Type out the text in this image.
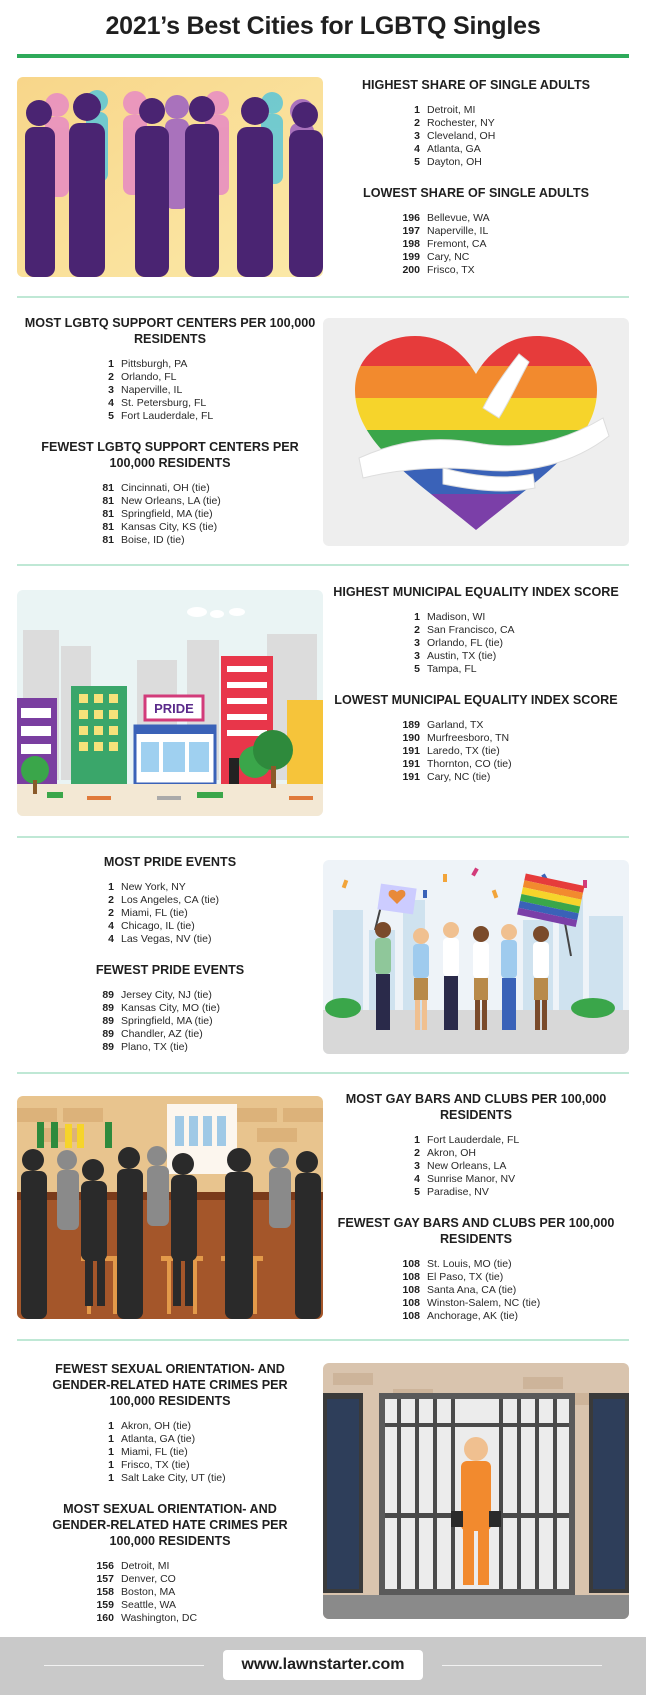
2021’s Best Cities for LGBTQ Singles
HIGHEST SHARE OF SINGLE ADULTS
1 Detroit, MI
2 Rochester, NY
3 Cleveland, OH
4 Atlanta, GA
5 Dayton, OH
LOWEST SHARE OF SINGLE ADULTS
196 Bellevue, WA
197 Naperville, IL
198 Fremont, CA
199 Cary, NC
200 Frisco, TX
MOST LGBTQ SUPPORT CENTERS PER 100,000 RESIDENTS
1 Pittsburgh, PA
2 Orlando, FL
3 Naperville, IL
4 St. Petersburg, FL
5 Fort Lauderdale, FL
FEWEST LGBTQ SUPPORT CENTERS PER 100,000 RESIDENTS
81 Cincinnati, OH (tie)
81 New Orleans, LA (tie)
81 Springfield, MA (tie)
81 Kansas City, KS (tie)
81 Boise, ID (tie)
PRIDE
HIGHEST MUNICIPAL EQUALITY INDEX SCORE
1 Madison, WI
2 San Francisco, CA
3 Orlando, FL (tie)
3 Austin, TX (tie)
5 Tampa, FL
LOWEST MUNICIPAL EQUALITY INDEX SCORE
189 Garland, TX
190 Murfreesboro, TN
191 Laredo, TX (tie)
191 Thornton, CO (tie)
191 Cary, NC (tie)
MOST PRIDE EVENTS
1 New York, NY
2 Los Angeles, CA (tie)
2 Miami, FL (tie)
4 Chicago, IL (tie)
4 Las Vegas, NV (tie)
FEWEST PRIDE EVENTS
89 Jersey City, NJ (tie)
89 Kansas City, MO (tie)
89 Springfield, MA (tie)
89 Chandler, AZ (tie)
89 Plano, TX (tie)
MOST GAY BARS AND CLUBS PER 100,000 RESIDENTS
1 Fort Lauderdale, FL
2 Akron, OH
3 New Orleans, LA
4 Sunrise Manor, NV
5 Paradise, NV
FEWEST GAY BARS AND CLUBS PER 100,000 RESIDENTS
108 St. Louis, MO (tie)
108 El Paso, TX (tie)
108 Santa Ana, CA (tie)
108 Winston-Salem, NC (tie)
108 Anchorage, AK (tie)
FEWEST SEXUAL ORIENTATION- AND GENDER-RELATED HATE CRIMES PER 100,000 RESIDENTS
1 Akron, OH (tie)
1 Atlanta, GA (tie)
1 Miami, FL (tie)
1 Frisco, TX (tie)
1 Salt Lake City, UT (tie)
MOST SEXUAL ORIENTATION- AND GENDER-RELATED HATE CRIMES PER 100,000 RESIDENTS
156 Detroit, MI
157 Denver, CO
158 Boston, MA
159 Seattle, WA
160 Washington, DC
www.lawnstarter.com
